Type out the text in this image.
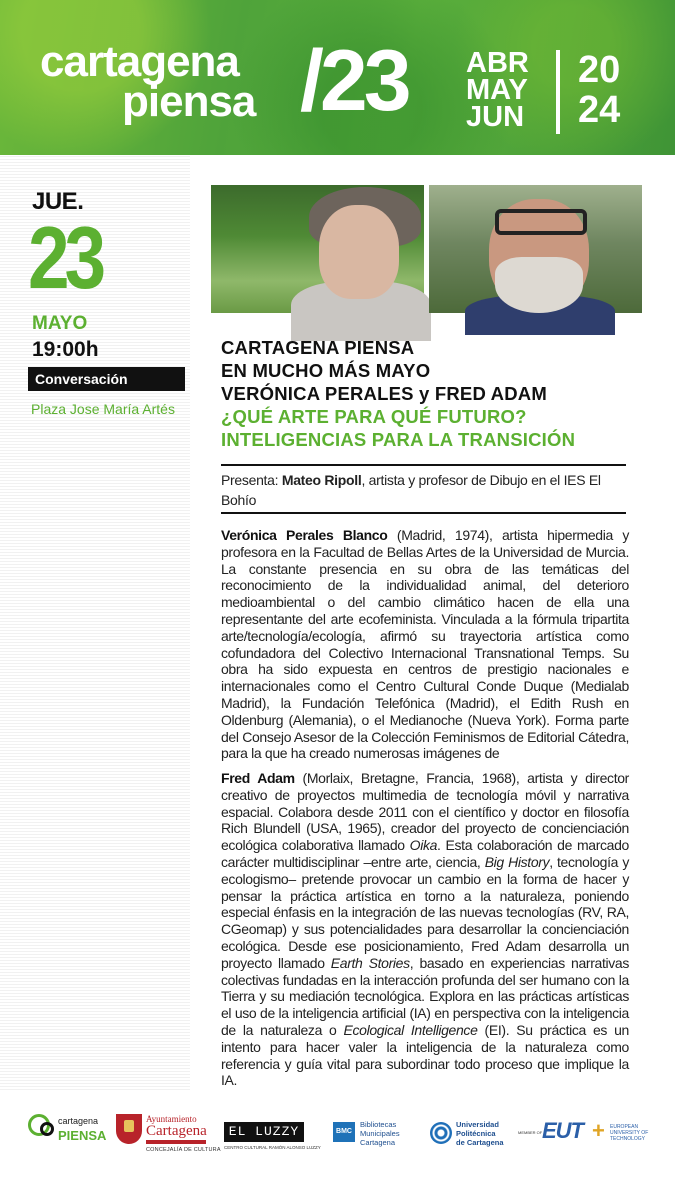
cartagena
piensa /23 ABR
MAY
JUN
20
24
JUE.
23
MAYO
19:00h
Conversación
Plaza Jose María Artés
CARTAGENA PIENSA
EN MUCHO MÁS MAYO
VERÓNICA PERALES y FRED ADAM
¿QUÉ ARTE PARA QUÉ FUTURO?
INTELIGENCIAS PARA LA TRANSICIÓN
Presenta: Mateo Ripoll, artista y profesor de Dibujo en el IES El Bohío
Verónica Perales Blanco (Madrid, 1974), artista hipermedia y profesora en la Facultad de Bellas Artes de la Universidad de Murcia. La constante presencia en su obra de las temáticas del reconocimiento de la individualidad animal, del deterioro medioambiental o del cambio climático hacen de ella una representante del arte ecofeminista. Vinculada a la fórmula tripartita arte/tecnología/ecología, afirmó su trayectoria artística como cofundadora del Colectivo Internacional Transnational Temps. Su obra ha sido expuesta en centros de prestigio nacionales e internacionales como el Centro Cultural Conde Duque (Medialab Madrid), la Fundación Telefónica (Madrid), el Edith Rush en Oldenburg (Alemania), o el Medianoche (Nueva York). Forma parte del Consejo Asesor de la Colección Feminismos de Editorial Cátedra, para la que ha creado numerosas imágenes de
Fred Adam (Morlaix, Bretagne, Francia, 1968), artista y director creativo de proyectos multimedia de tecnología móvil y narrativa espacial. Colabora desde 2011 con el científico y doctor en filosofía Rich Blundell (USA, 1965), creador del proyecto de concienciación ecológica colaborativa llamado Oika. Esta colaboración de marcado carácter multidisciplinar –entre arte, ciencia, Big History, tecnología y ecologismo– pretende provocar un cambio en la forma de hacer y pensar la práctica artística en torno a la naturaleza, poniendo especial énfasis en la integración de las nuevas tecnologías (RV, RA, CGeomap) y sus potencialidades para desarrollar la concienciación ecológica. Desde ese posicionamiento, Fred Adam desarrolla un proyecto llamado Earth Stories, basado en experiencias narrativas colectivas fundadas en la interacción profunda del ser humano con la Tierra y su mediación tecnológica. Explora en las prácticas artísticas el uso de la inteligencia artificial (IA) en perspectiva con la inteligencia de la naturaleza o Ecological Intelligence (EI). Su práctica es un intento para hacer valer la inteligencia de la naturaleza como referencia y guía vital para subordinar todo proceso que implique la IA.
cartagena
PIENSA
Ayuntamiento
Cartagena
CONCEJALÍA DE CULTURA
EL LUZZY
CENTRO CULTURAL RAMÓN ALONSO LUZZY
BMC
Bibliotecas
Municipales
Cartagena
Universidad
Politécnica
de Cartagena
MEMBER OF EUT + EUROPEAN
UNIVERSITY OF
TECHNOLOGY
